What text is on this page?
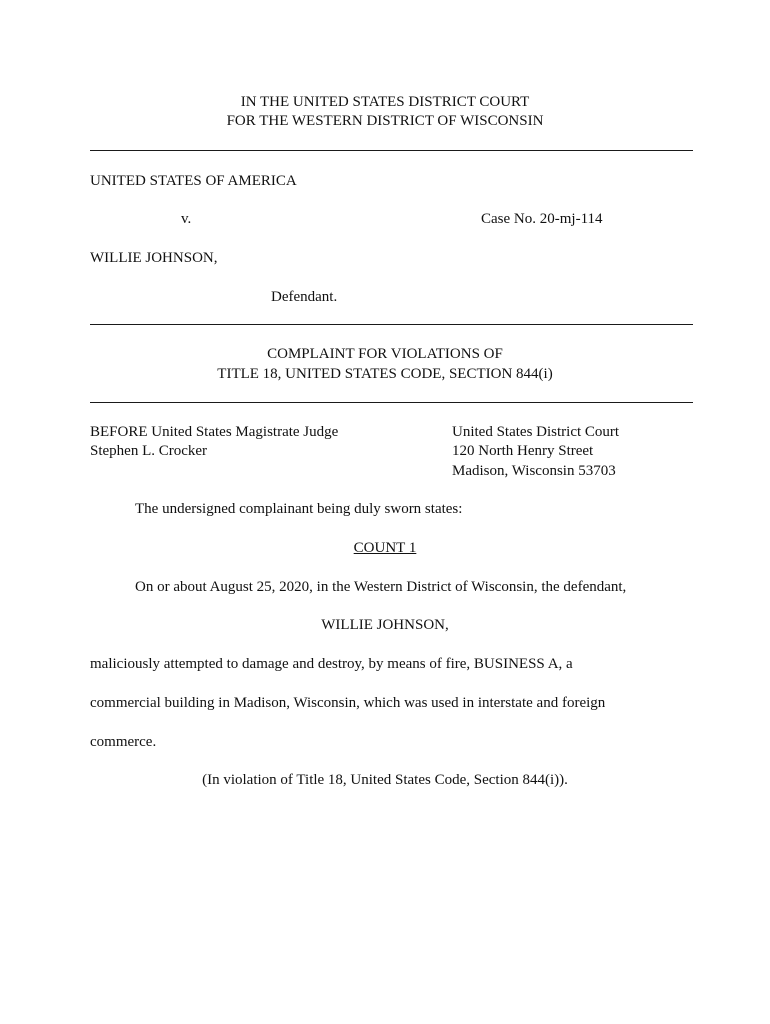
IN THE UNITED STATES DISTRICT COURT
FOR THE WESTERN DISTRICT OF WISCONSIN
UNITED STATES OF AMERICA
v.	Case No. 20-mj-114
WILLIE JOHNSON,
Defendant.
COMPLAINT FOR VIOLATIONS OF
TITLE 18, UNITED STATES CODE, SECTION 844(i)
BEFORE United States Magistrate Judge
Stephen L. Crocker
United States District Court
120 North Henry Street
Madison, Wisconsin 53703
The undersigned complainant being duly sworn states:
COUNT 1
On or about August 25, 2020, in the Western District of Wisconsin, the defendant,
WILLIE JOHNSON,
maliciously attempted to damage and destroy, by means of fire, BUSINESS A, a
commercial building in Madison, Wisconsin, which was used in interstate and foreign
commerce.
(In violation of Title 18, United States Code, Section 844(i)).
